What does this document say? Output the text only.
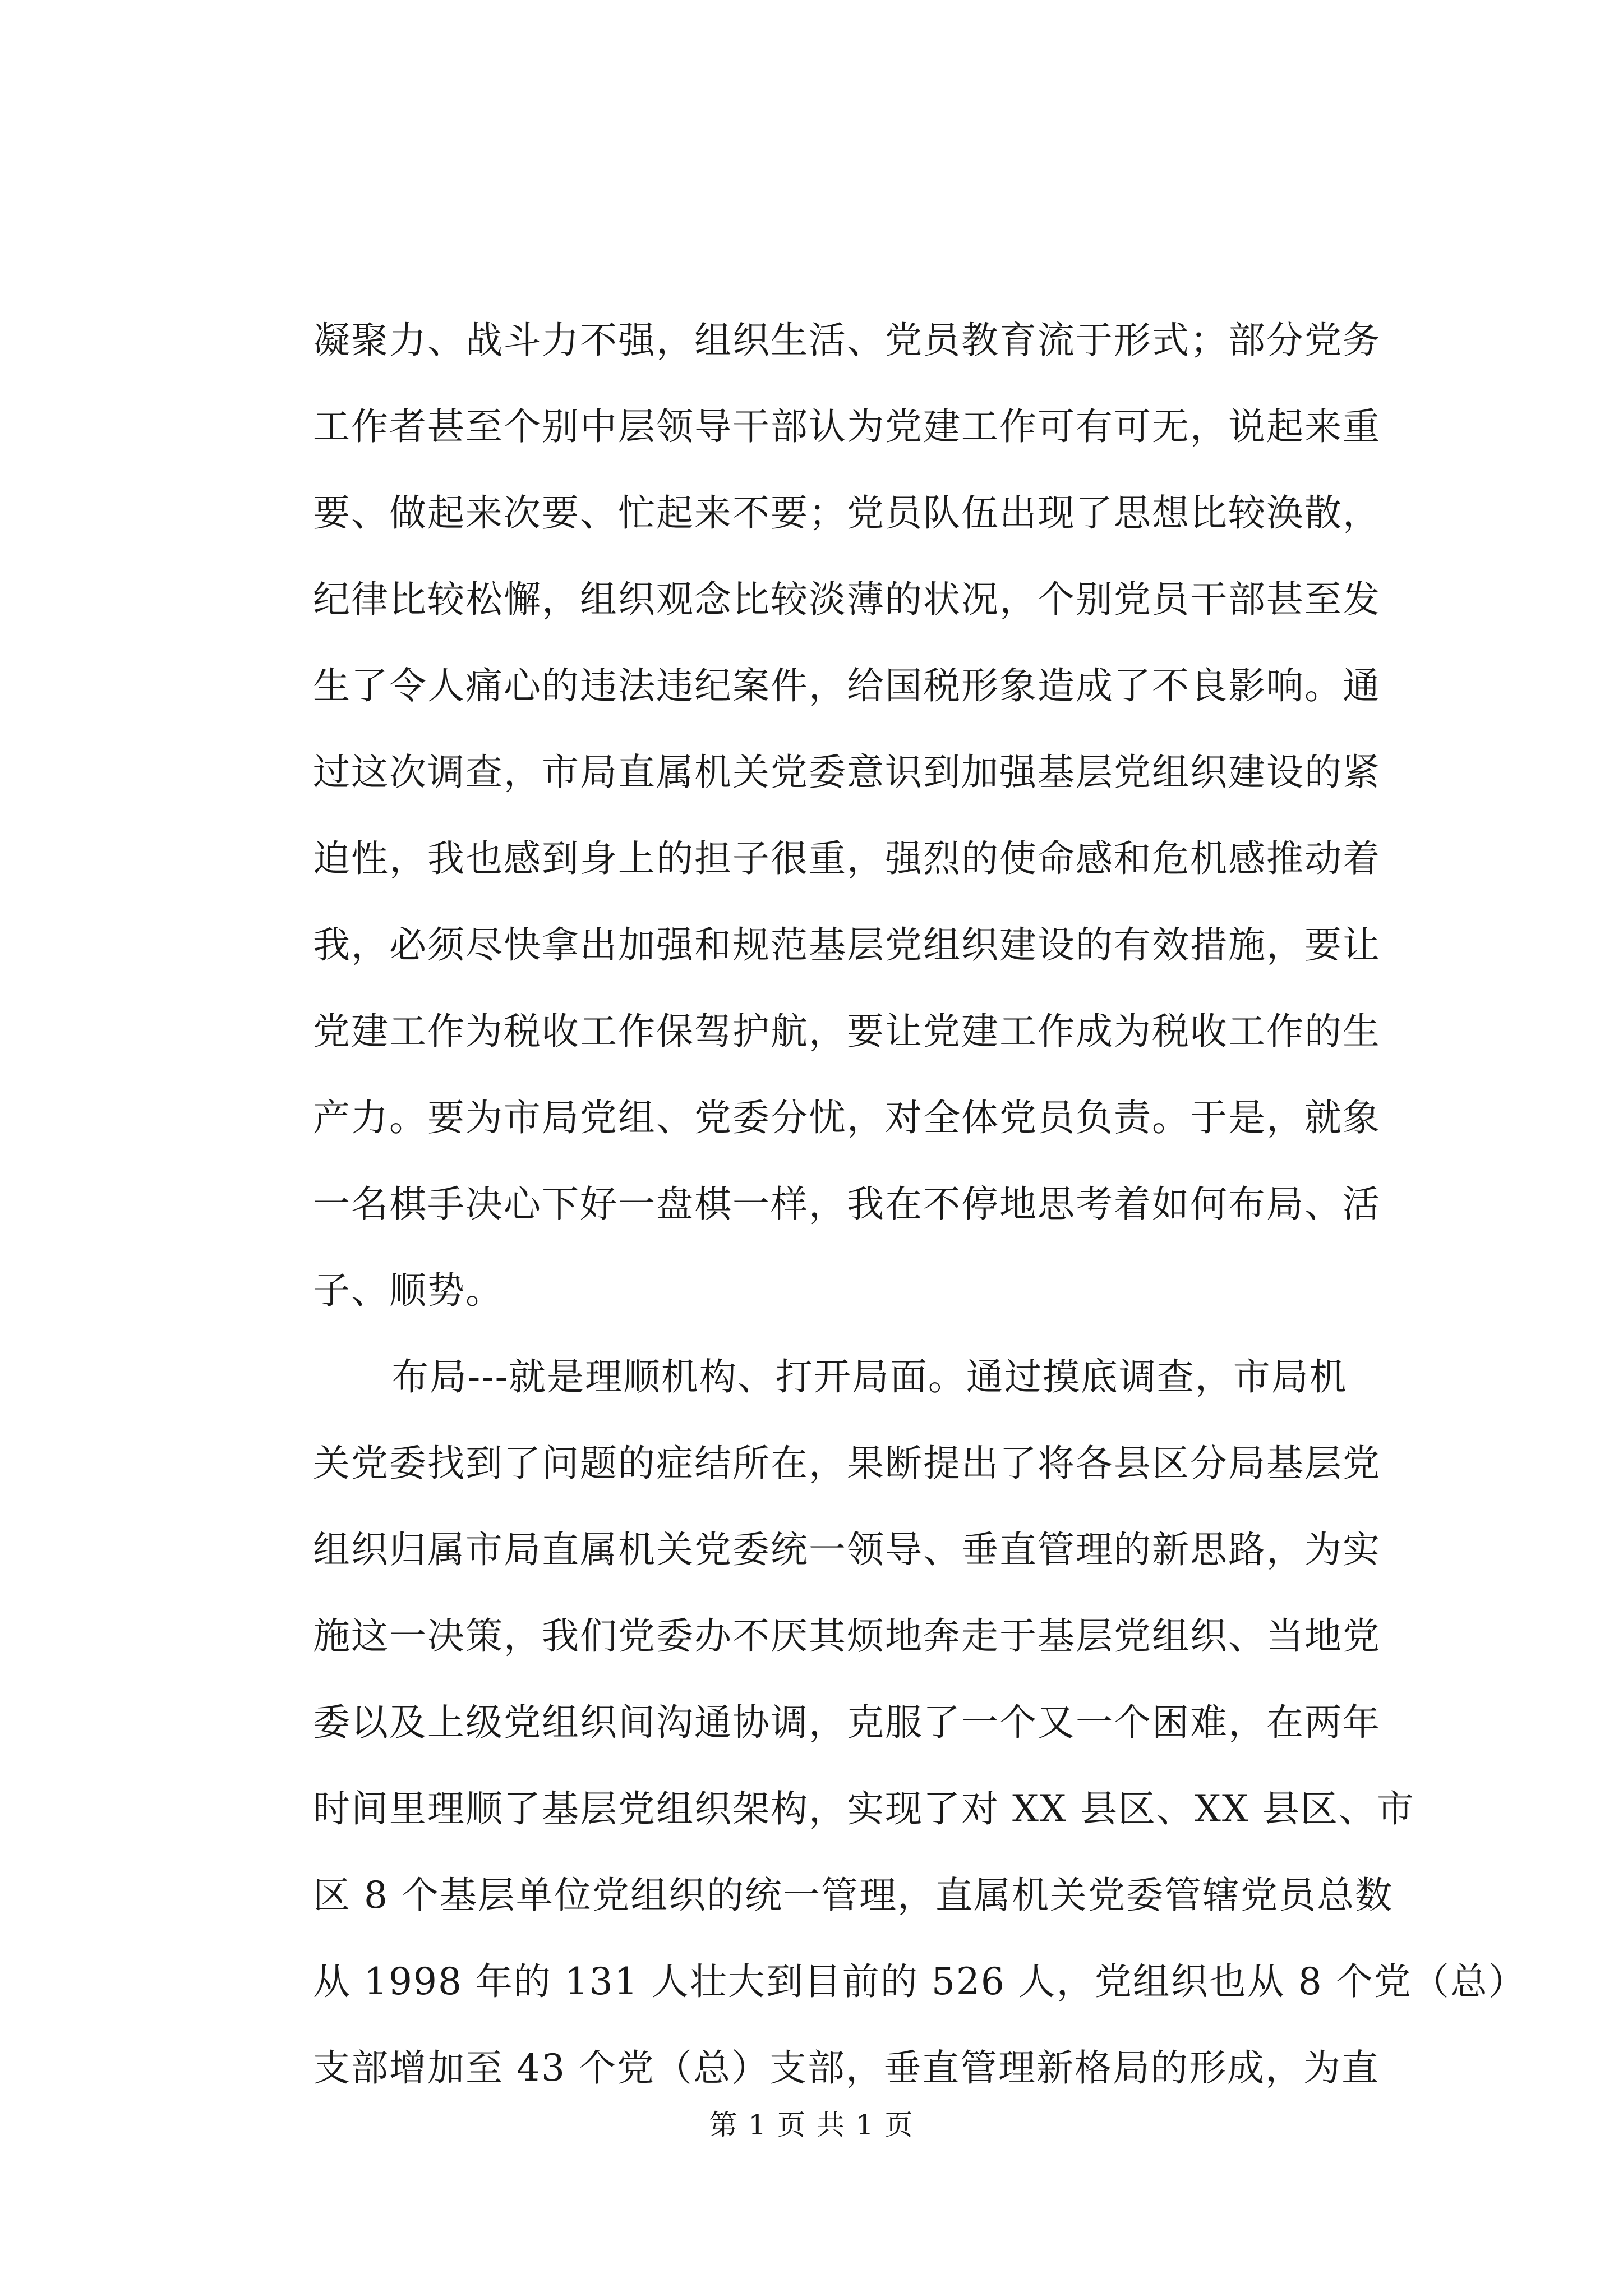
凝聚力、战斗力不强，组织生活、党员教育流于形式；部分党务
工作者甚至个别中层领导干部认为党建工作可有可无，说起来重
要、做起来次要、忙起来不要；党员队伍出现了思想比较涣散，
纪律比较松懈，组织观念比较淡薄的状况，个别党员干部甚至发
生了令人痛心的违法违纪案件，给国税形象造成了不良影响。通
过这次调查，市局直属机关党委意识到加强基层党组织建设的紧
迫性，我也感到身上的担子很重，强烈的使命感和危机感推动着
我，必须尽快拿出加强和规范基层党组织建设的有效措施，要让
党建工作为税收工作保驾护航，要让党建工作成为税收工作的生
产力。要为市局党组、党委分忧，对全体党员负责。于是，就象
一名棋手决心下好一盘棋一样，我在不停地思考着如何布局、活
子、顺势。
布局---就是理顺机构、打开局面。通过摸底调查，市局机
关党委找到了问题的症结所在，果断提出了将各县区分局基层党
组织归属市局直属机关党委统一领导、垂直管理的新思路，为实
施这一决策，我们党委办不厌其烦地奔走于基层党组织、当地党
委以及上级党组织间沟通协调，克服了一个又一个困难，在两年
时间里理顺了基层党组织架构，实现了对 XX 县区、XX 县区、市
区 8 个基层单位党组织的统一管理，直属机关党委管辖党员总数
从 1998 年的 131 人壮大到目前的 526 人，党组织也从 8 个党（总）
支部增加至 43 个党（总）支部，垂直管理新格局的形成，为直
第 1 页 共 1 页
